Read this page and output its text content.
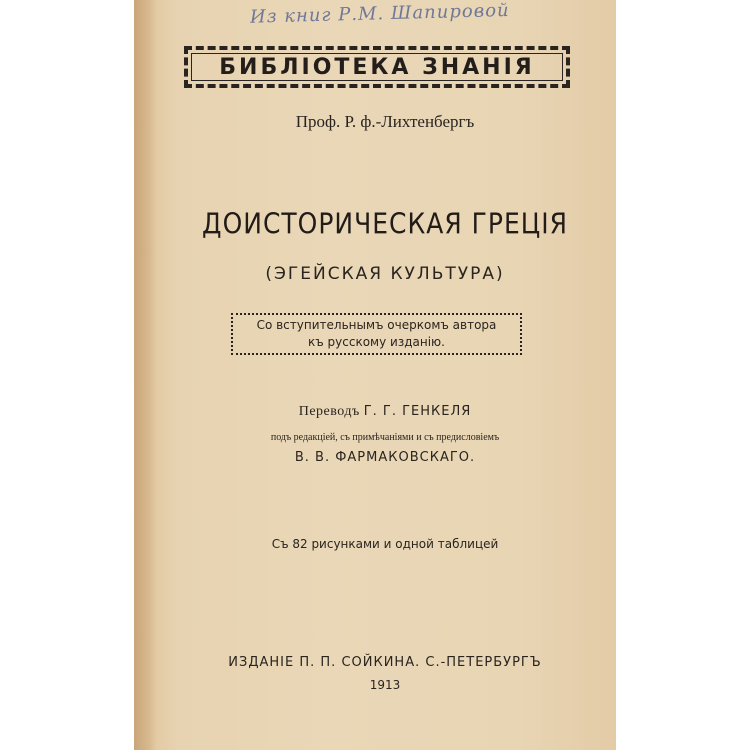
Из книг Р.М. Шапировой
БИБЛІОТЕКА ЗНАНІЯ
Проф. Р. ф.-Лихтенбергъ
ДОИСТОРИЧЕСКАЯ ГРЕЦІЯ
(ЭГЕЙСКАЯ КУЛЬТУРА)
Со вступительнымъ очеркомъ автора
къ русскому изданію.
Переводъ Г. Г. ГЕНКЕЛЯ
подъ редакціей, съ примѣчаніями и съ предисловіемъ
В. В. ФАРМАКОВСКАГО.
Съ 82 рисунками и одной таблицей
ИЗДАНІЕ П. П. СОЙКИНА. С.-ПЕТЕРБУРГЪ
1913
